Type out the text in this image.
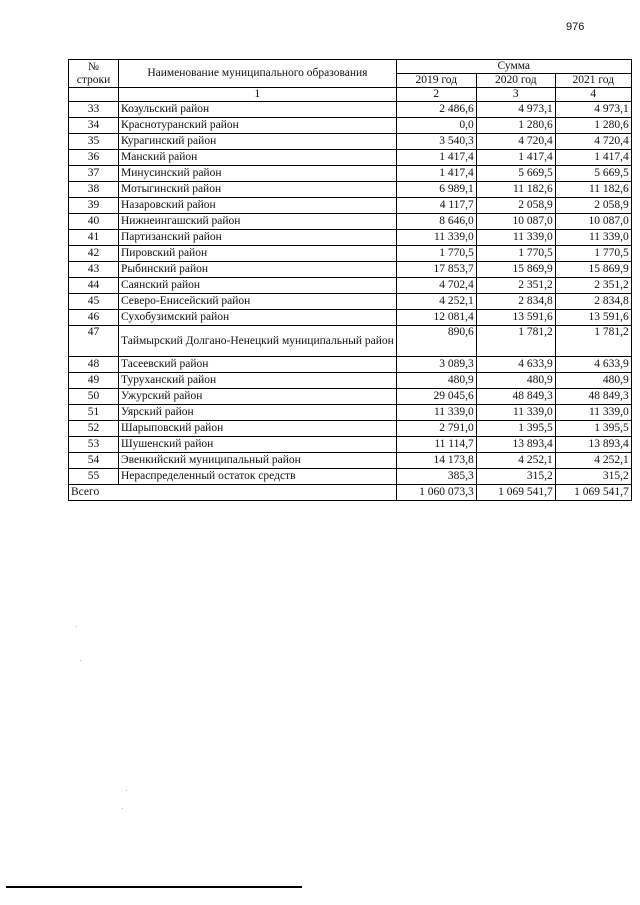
976
№ строки	Наименование муниципального образования	Сумма		
		2019 год	2020 год	2021 год
	1	2	3	4
33	Козульский район	2 486,6	4 973,1	4 973,1
34	Краснотуранский район	0,0	1 280,6	1 280,6
35	Курагинский район	3 540,3	4 720,4	4 720,4
36	Манский район	1 417,4	1 417,4	1 417,4
37	Минусинский район	1 417,4	5 669,5	5 669,5
38	Мотыгинский район	6 989,1	11 182,6	11 182,6
39	Назаровский район	4 117,7	2 058,9	2 058,9
40	Нижнеингашский район	8 646,0	10 087,0	10 087,0
41	Партизанский район	11 339,0	11 339,0	11 339,0
42	Пировский район	1 770,5	1 770,5	1 770,5
43	Рыбинский район	17 853,7	15 869,9	15 869,9
44	Саянский район	4 702,4	2 351,2	2 351,2
45	Северо-Енисейский район	4 252,1	2 834,8	2 834,8
46	Сухобузимский район	12 081,4	13 591,6	13 591,6
47	Таймырский Долгано-Ненецкий муниципальный район	890,6	1 781,2	1 781,2
48	Тасеевский район	3 089,3	4 633,9	4 633,9
49	Туруханский район	480,9	480,9	480,9
50	Ужурский район	29 045,6	48 849,3	48 849,3
51	Уярский район	11 339,0	11 339,0	11 339,0
52	Шарыповский район	2 791,0	1 395,5	1 395,5
53	Шушенский район	11 114,7	13 893,4	13 893,4
54	Эвенкийский муниципальный район	14 173,8	4 252,1	4 252,1
55	Нераспределенный остаток средств	385,3	315,2	315,2
Всего		1 060 073,3	1 069 541,7	1 069 541,7
